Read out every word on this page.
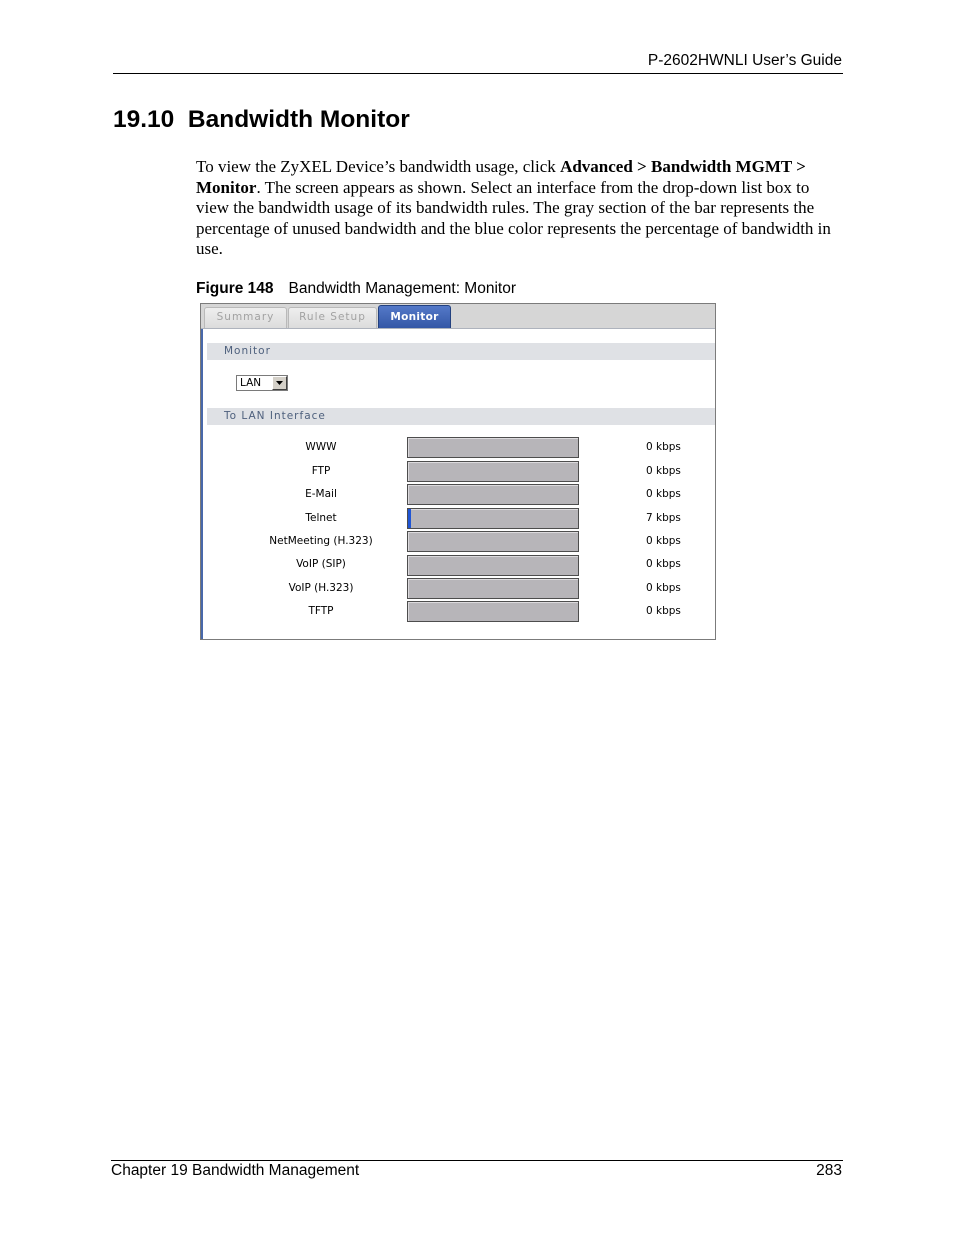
P-2602HWNLI User’s Guide
19.10 Bandwidth Monitor

To view the ZyXEL Device’s bandwidth usage, click Advanced > Bandwidth MGMT > Monitor. The screen appears as shown. Select an interface from the drop-down list box to view the bandwidth usage of its bandwidth rules. The gray section of the bar represents the percentage of unused bandwidth and the blue color represents the percentage of bandwidth in use.

Figure 148 Bandwidth Management: Monitor
Summary	Rule Setup	Monitor
Monitor
LAN
To LAN Interface
WWW	0 kbps
FTP	0 kbps
E-Mail	0 kbps
Telnet	7 kbps
NetMeeting (H.323)	0 kbps
VoIP (SIP)	0 kbps
VoIP (H.323)	0 kbps
TFTP	0 kbps
Chapter 19 Bandwidth Management	283
